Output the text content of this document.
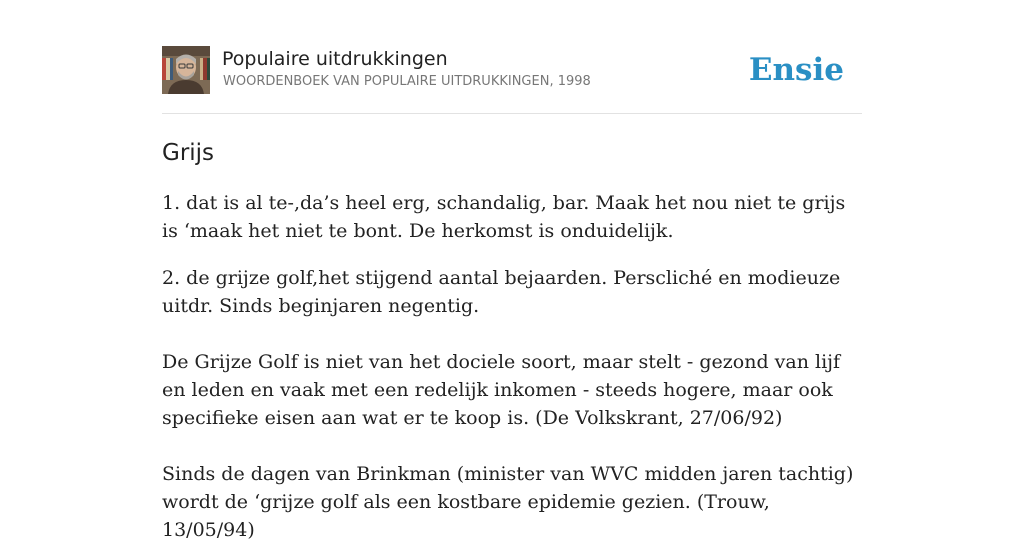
Populaire uitdrukkingen
WOORDENBOEK VAN POPULAIRE UITDRUKKINGEN, 1998	Ensie
Grijs

1. dat is al te-,da’s heel erg, schandalig, bar. Maak het nou niet te grijs is ‘maak het niet te bont. De herkomst is onduidelijk.

2. de grijze golf,het stijgend aantal bejaarden. Perscliché en modieuze uitdr. Sinds beginjaren negentig.

De Grijze Golf is niet van het dociele soort, maar stelt - gezond van lijf en leden en vaak met een redelijk inkomen - steeds hogere, maar ook specifieke eisen aan wat er te koop is. (De Volkskrant, 27/06/92)

Sinds de dagen van Brinkman (minister van WVC midden jaren tachtig) wordt de ‘grijze golf als een kostbare epidemie gezien. (Trouw, 13/05/94)
